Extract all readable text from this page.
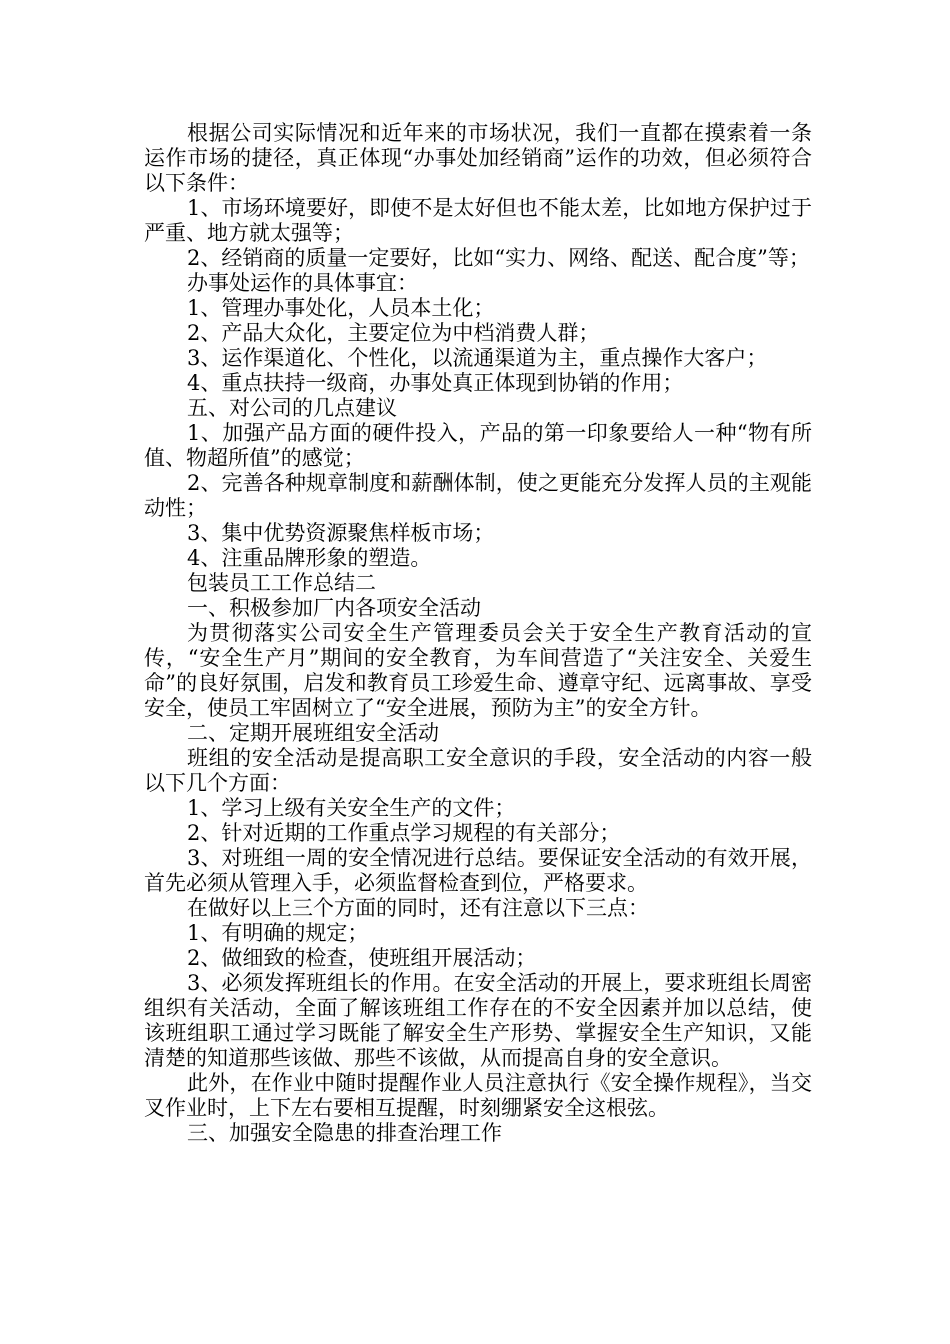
根据公司实际情况和近年来的市场状况，我们一直都在摸索着一条运作市场的捷径，真正体现“办事处加经销商”运作的功效，但必须符合以下条件：

1、市场环境要好，即使不是太好但也不能太差，比如地方保护过于严重、地方就太强等；

2、经销商的质量一定要好，比如“实力、网络、配送、配合度”等；

办事处运作的具体事宜：

1、管理办事处化，人员本土化；

2、产品大众化，主要定位为中档消费人群；

3、运作渠道化、个性化，以流通渠道为主，重点操作大客户；

4、重点扶持一级商，办事处真正体现到协销的作用；

五、对公司的几点建议

1、加强产品方面的硬件投入，产品的第一印象要给人一种“物有所值、物超所值”的感觉；

2、完善各种规章制度和薪酬体制，使之更能充分发挥人员的主观能动性；

3、集中优势资源聚焦样板市场；

4、注重品牌形象的塑造。

包装员工工作总结二

一、积极参加厂内各项安全活动

为贯彻落实公司安全生产管理委员会关于安全生产教育活动的宣传，“安全生产月”期间的安全教育，为车间营造了“关注安全、关爱生命”的良好氛围，启发和教育员工珍爱生命、遵章守纪、远离事故、享受安全，使员工牢固树立了“安全进展，预防为主”的安全方针。

二、定期开展班组安全活动

班组的安全活动是提高职工安全意识的手段，安全活动的内容一般以下几个方面：

1、学习上级有关安全生产的文件；

2、针对近期的工作重点学习规程的有关部分；

3、对班组一周的安全情况进行总结。要保证安全活动的有效开展，首先必须从管理入手，必须监督检查到位，严格要求。

在做好以上三个方面的同时，还有注意以下三点：

1、有明确的规定；

2、做细致的检查，使班组开展活动；

3、必须发挥班组长的作用。在安全活动的开展上，要求班组长周密组织有关活动，全面了解该班组工作存在的不安全因素并加以总结，使该班组职工通过学习既能了解安全生产形势、掌握安全生产知识，又能清楚的知道那些该做、那些不该做，从而提高自身的安全意识。

此外，在作业中随时提醒作业人员注意执行《安全操作规程》，当交叉作业时，上下左右要相互提醒，时刻绷紧安全这根弦。

三、加强安全隐患的排查治理工作
